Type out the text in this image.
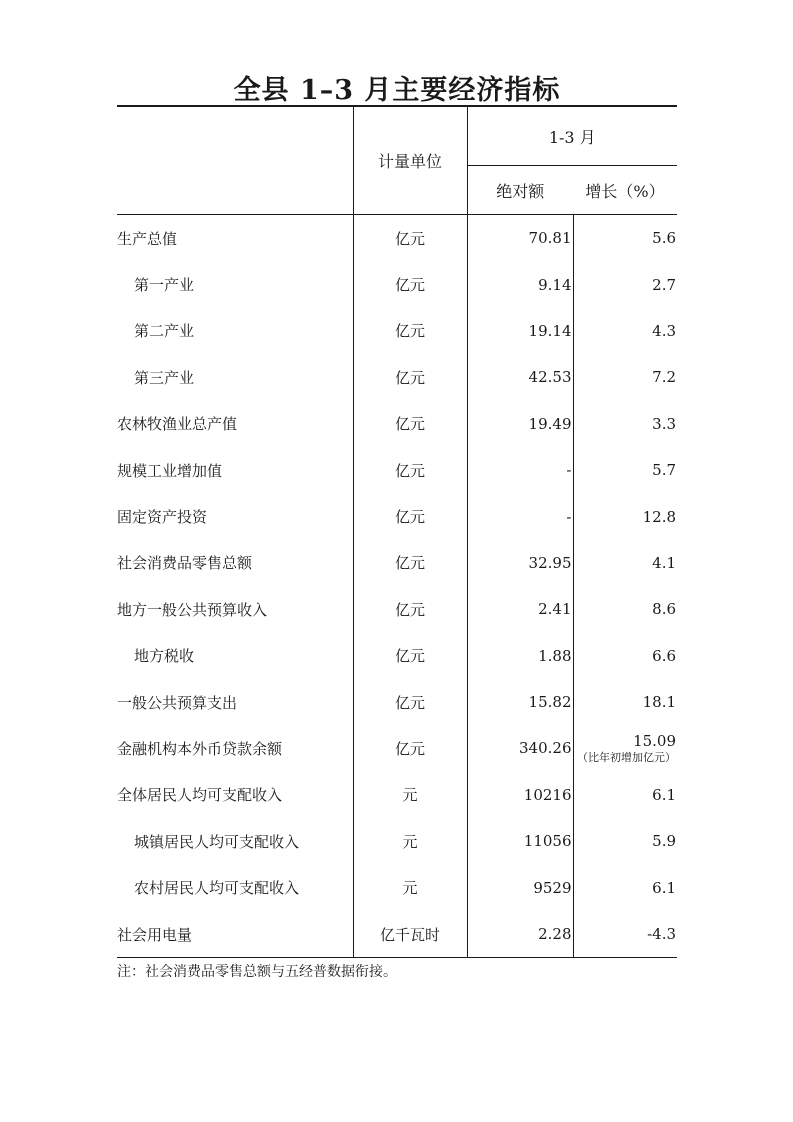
全县 1–3 月主要经济指标
	计量单位	1-3 月	
		绝对额	增长（%）
生产总值	亿元	70.81	5.6

第一产业	亿元	9.14	2.7

第二产业	亿元	19.14	4.3

第三产业	亿元	42.53	7.2

农林牧渔业总产值	亿元	19.49	3.3

规模工业增加值	亿元	-	5.7

固定资产投资	亿元	-	12.8

社会消费品零售总额	亿元	32.95	4.1

地方一般公共预算收入	亿元	2.41	8.6

地方税收	亿元	1.88	6.6

一般公共预算支出	亿元	15.82	18.1

金融机构本外币贷款余额	亿元	340.26	15.09
（比年初增加亿元）

全体居民人均可支配收入	元	10216	6.1

城镇居民人均可支配收入	元	11056	5.9

农村居民人均可支配收入	元	9529	6.1

社会用电量	亿千瓦时	2.28	-4.3
注：社会消费品零售总额与五经普数据衔接。
